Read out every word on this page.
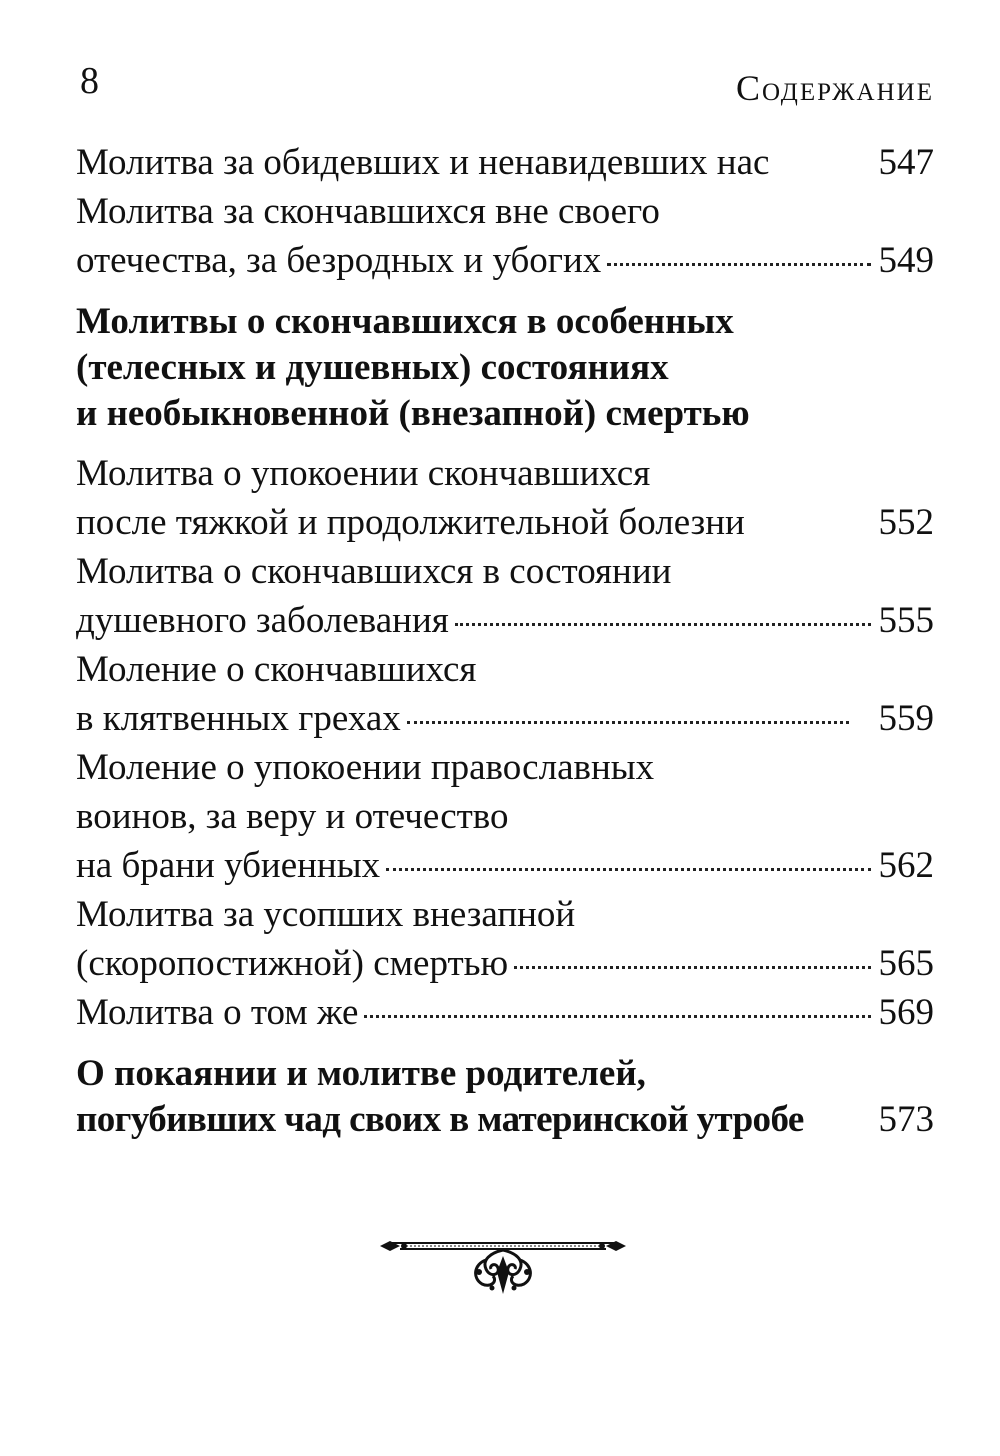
8	Содержание
Молитва за обидевших и ненавидевших нас	547
Молитва за скончавшихся вне своего
отечества, за безродных и убогих	549
Молитвы о скончавшихся в особенных
(телесных и душевных) состояниях
и необыкновенной (внезапной) смертью
Молитва о упокоении скончавшихся
после тяжкой и продолжительной болезни	552
Молитва о скончавшихся в состоянии
душевного заболевания	555
Моление о скончавшихся
в клятвенных грехах	559
Моление о упокоении православных
воинов, за веру и отечество
на брани убиенных	562
Молитва за усопших внезапной
(скоропостижной) смертью	565
Молитва о том же	569
О покаянии и молитве родителей,
погубивших чад своих в материнской утробе 573
